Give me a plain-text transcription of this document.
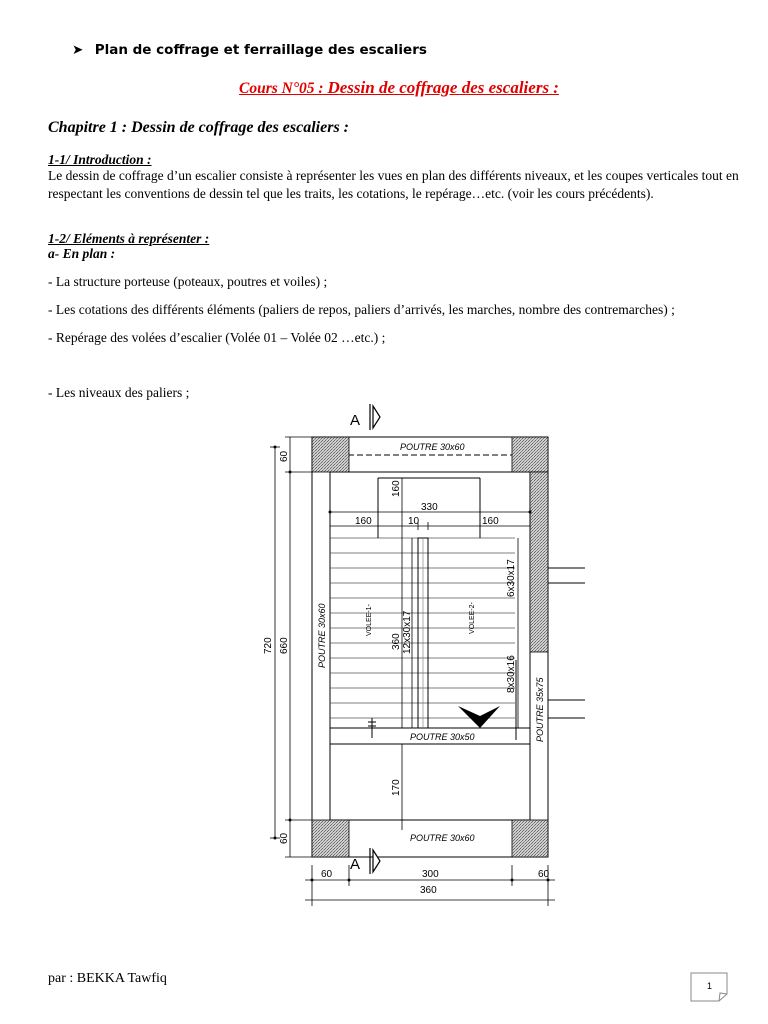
➤ Plan de coffrage et ferraillage des escaliers
Cours N°05 : Dessin de coffrage des escaliers :
Chapitre 1 : Dessin de coffrage des escaliers :
1-1/ Introduction :
Le dessin de coffrage d’un escalier consiste à représenter les vues en plan des différents niveaux, et les coupes verticales tout en respectant les conventions de dessin tel que les traits, les cotations, le repérage…etc. (voir les cours précédents).
1-2/ Eléments à représenter :
a- En plan :
- La structure porteuse (poteaux, poutres et voiles) ;
- Les cotations des différents éléments (paliers de repos, paliers d’arrivés, les marches, nombre des contremarches) ;
- Repérage des volées d’escalier (Volée 01 – Volée 02 …etc.) ;
- Les niveaux des paliers ;
A
A
POUTRE 30x60
POUTRE 30x60
POUTRE 30x50
POUTRE 30x60
POUTRE 35x75
VOLEE-1-	VOLEE-2-
12x30x17
6x30x17
8x30x16
330
160	10	160
160
360
170
720 660
60
60
60	300	60
360
par : BEKKA Tawfiq	1
